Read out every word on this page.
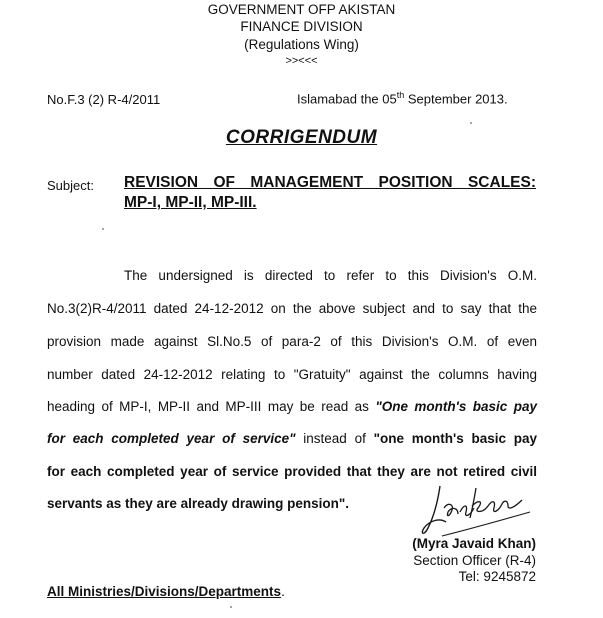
GOVERNMENT OFP AKISTAN
FINANCE DIVISION
(Regulations Wing)
>><<<
No.F.3 (2) R-4/2011	Islamabad the 05th September 2013.
CORRIGENDUM
Subject: REVISION OF MANAGEMENT POSITION SCALES:
MP-I, MP-II, MP-III.
The undersigned is directed to refer to this Division's O.M.
No.3(2)R-4/2011 dated 24-12-2012 on the above subject and to say that the
provision made against Sl.No.5 of para-2 of this Division's O.M. of even
number dated 24-12-2012 relating to "Gratuity" against the columns having
heading of MP-I, MP-II and MP-III may be read as "One month's basic pay
for each completed year of service" instead of "one month's basic pay
for each completed year of service provided that they are not retired civil
servants as they are already drawing pension".
(Myra Javaid Khan)
Section Officer (R-4)
Tel: 9245872
All Ministries/Divisions/Departments.
